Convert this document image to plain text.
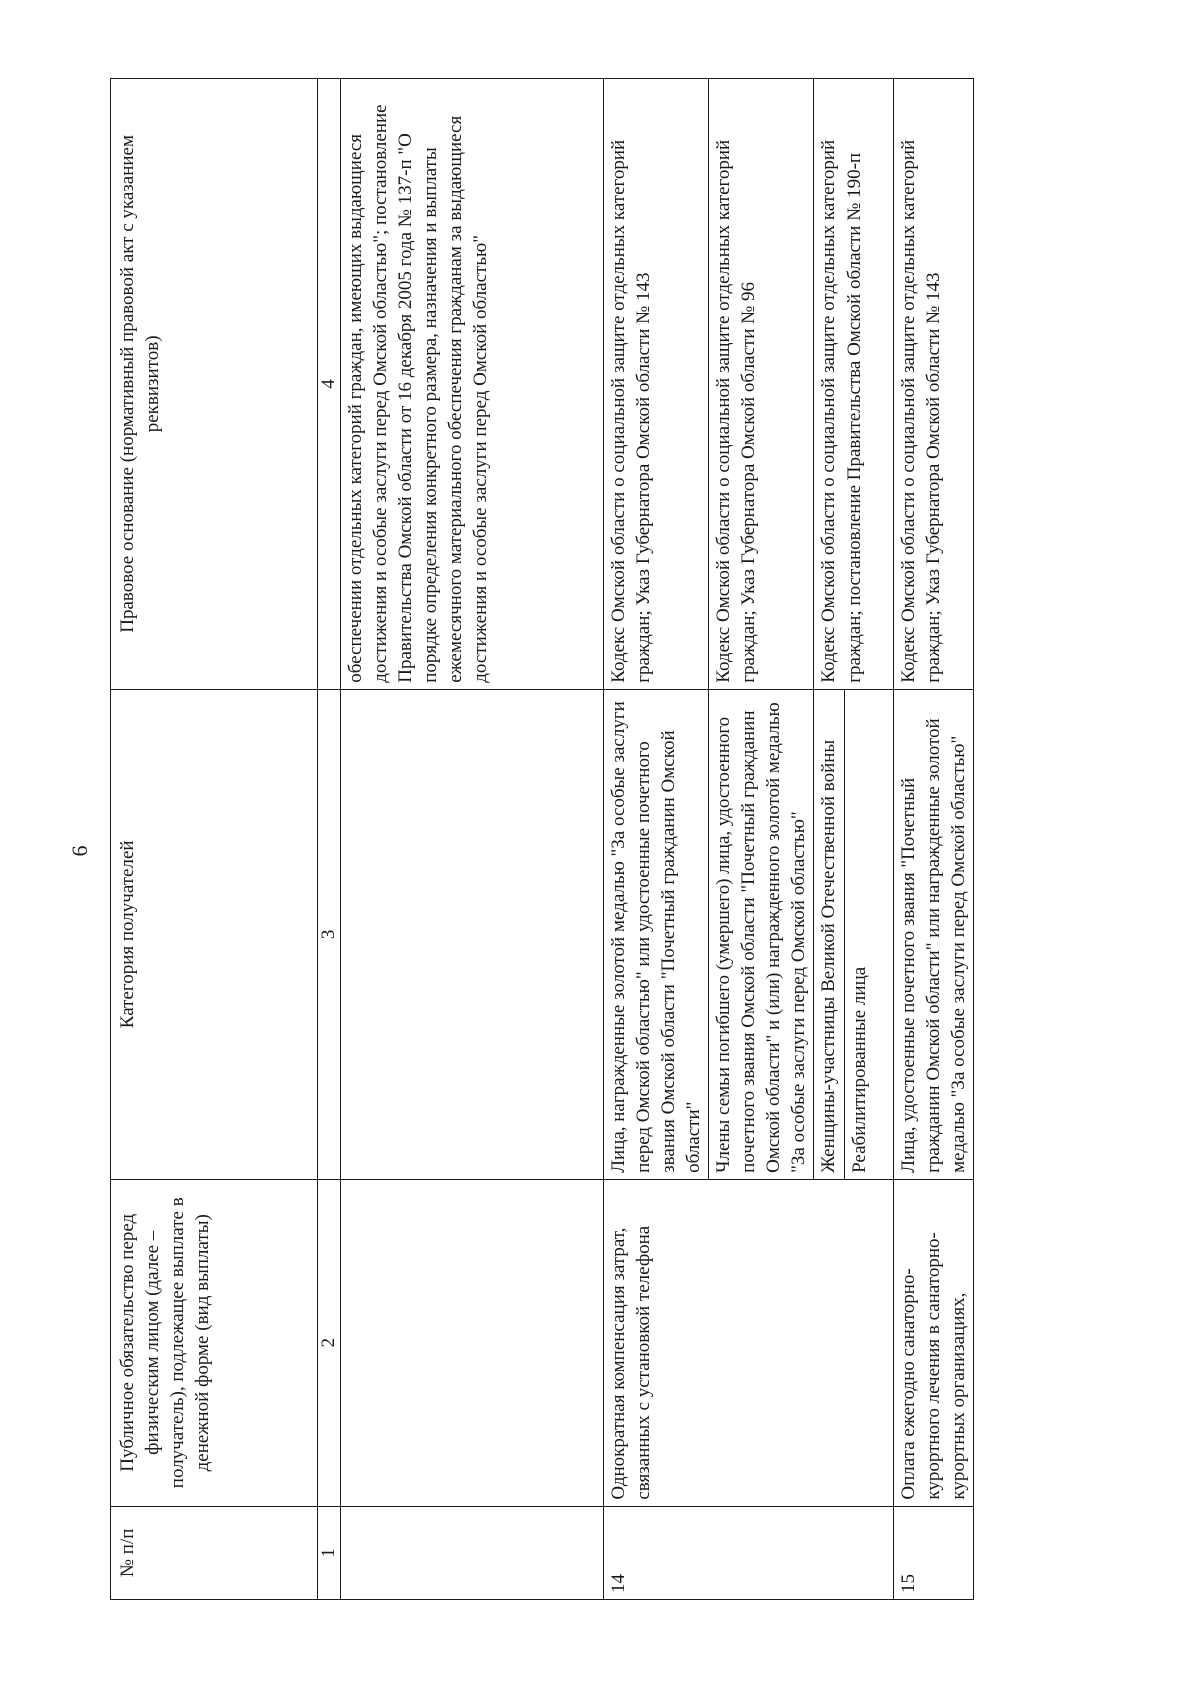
6
№ п/п	Публичное обязательство перед физическим лицом (далее – получатель), подлежащее выплате в денежной форме (вид выплаты)	Категория получателей	Правовое основание (нормативный правовой акт с указанием реквизитов)
1	2	3	4
			обеспечении отдельных категорий граждан, имеющих выдающиеся достижения и особые заслуги перед Омской областью"; постановление Правительства Омской области от 16 декабря 2005 года № 137-п "О порядке определения конкретного размера, назначения и выплаты ежемесячного материального обеспечения гражданам за выдающиеся достижения и особые заслуги перед Омской областью"
14	Однократная компенсация затрат, связанных с установкой телефона	Лица, награжденные золотой медалью "За особые заслуги перед Омской областью" или удостоенные почетного звания Омской области "Почетный гражданин Омской области"	Кодекс Омской области о социальной защите отдельных категорий граждан; Указ Губернатора Омской области № 143
		Члены семьи погибшего (умершего) лица, удостоенного почетного звания Омской области "Почетный гражданин Омской области" и (или) награжденного золотой медалью "За особые заслуги перед Омской областью"	Кодекс Омской области о социальной защите отдельных категорий граждан; Указ Губернатора Омской области № 96
		Женщины-участницы Великой Отечественной войны	Кодекс Омской области о социальной защите отдельных категорий граждан; постановление Правительства Омской области № 190-п
		Реабилитированные лица	
15	Оплата ежегодно санаторно-курортного лечения в санаторно-курортных организациях,	Лица, удостоенные почетного звания "Почетный гражданин Омской области" или награжденные золотой медалью "За особые заслуги перед Омской областью"	Кодекс Омской области о социальной защите отдельных категорий граждан; Указ Губернатора Омской области № 143
